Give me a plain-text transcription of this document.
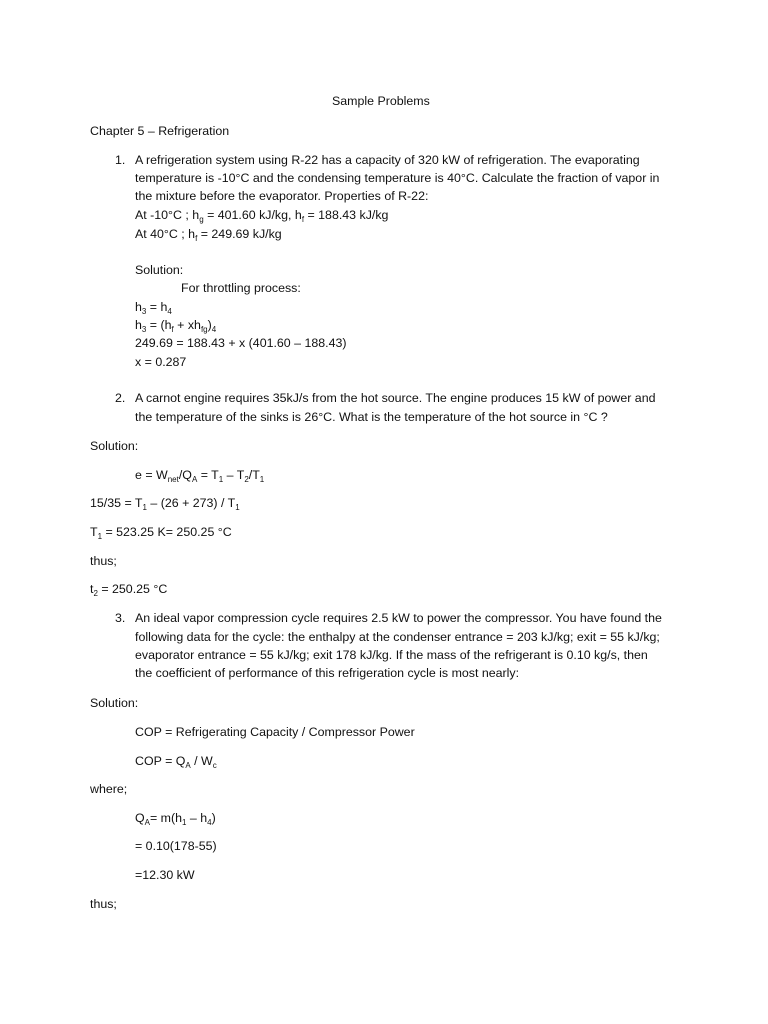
Sample Problems
Chapter 5 – Refrigeration
1. A refrigeration system using R-22 has a capacity of 320 kW of refrigeration. The evaporating
temperature is -10°C and the condensing temperature is 40°C. Calculate the fraction of vapor in
the mixture before the evaporator. Properties of R-22:
At -10°C ; $h_g = 401.60$ kJ/kg, $h_f = 188.43$ kJ/kg
At 40°C ; $h_f = 249.69$ kJ/kg
Solution:
For throttling process:
$h_3 = h_4$
$h_3 = (h_f + xh_{fg})_4$
249.69 = 188.43 + x (401.60 – 188.43)
x = 0.287
2. A carnot engine requires 35kJ/s from the hot source. The engine produces 15 kW of power and
the temperature of the sinks is 26°C. What is the temperature of the hot source in °C ?
Solution:
$e = W_{net}/Q_A = T_1 - T_2/T_1$
$15/35 = T_1 - (26 + 273) / T_1$
$T_1 = 523.25$ K= 250.25 °C
thus;
$t_2 = 250.25$ °C
3. An ideal vapor compression cycle requires 2.5 kW to power the compressor. You have found the
following data for the cycle: the enthalpy at the condenser entrance = 203 kJ/kg; exit = 55 kJ/kg;
evaporator entrance = 55 kJ/kg; exit 178 kJ/kg. If the mass of the refrigerant is 0.10 kg/s, then
the coefficient of performance of this refrigeration cycle is most nearly:
Solution:
COP = Refrigerating Capacity / Compressor Power
COP = $Q_A / W_c$
where;
$Q_A= m(h_1 - h_4)$
= 0.10(178-55)
=12.30 kW
thus;
